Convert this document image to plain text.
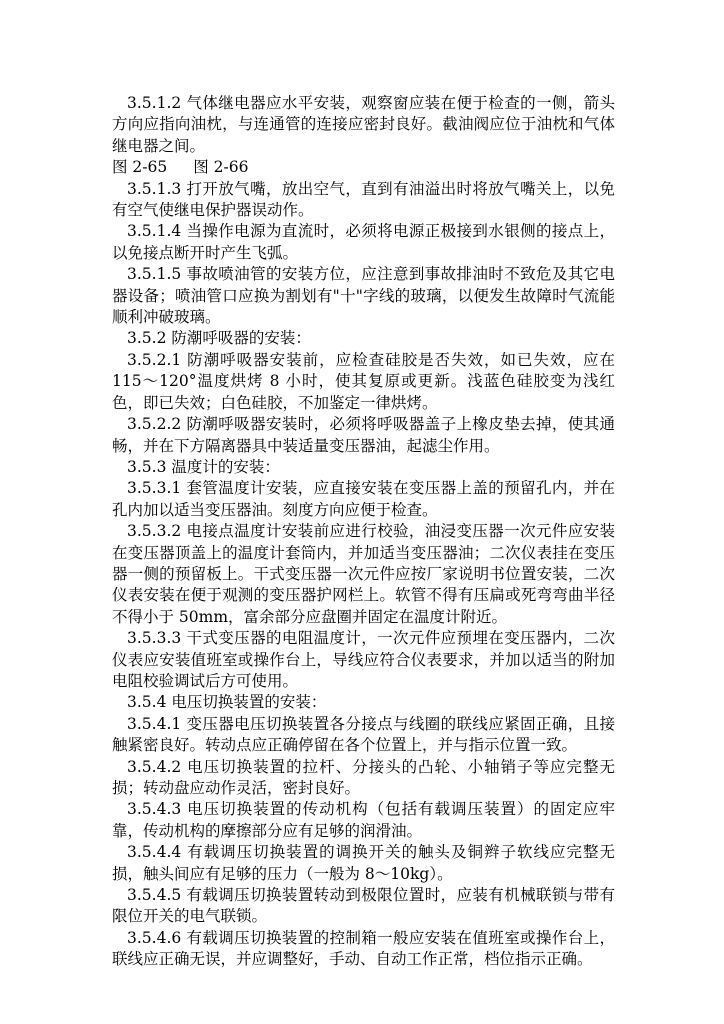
3.5.1.2 气体继电器应水平安装，观察窗应装在便于检查的一侧，箭头方向应指向油枕，与连通管的连接应密封良好。截油阀应位于油枕和气体继电器之间。

图 2-65 图 2-66

3.5.1.3 打开放气嘴，放出空气，直到有油溢出时将放气嘴关上，以免有空气使继电保护器误动作。

3.5.1.4 当操作电源为直流时，必须将电源正极接到水银侧的接点上，以免接点断开时产生飞弧。

3.5.1.5 事故喷油管的安装方位，应注意到事故排油时不致危及其它电器设备；喷油管口应换为割划有"十"字线的玻璃，以便发生故障时气流能顺利冲破玻璃。

3.5.2 防潮呼吸器的安装：

3.5.2.1 防潮呼吸器安装前，应检查硅胶是否失效，如已失效，应在 115～120°温度烘烤 8 小时，使其复原或更新。浅蓝色硅胶变为浅红色，即已失效；白色硅胶，不加鉴定一律烘烤。

3.5.2.2 防潮呼吸器安装时，必须将呼吸器盖子上橡皮垫去掉，使其通畅，并在下方隔离器具中装适量变压器油，起滤尘作用。

3.5.3 温度计的安装：

3.5.3.1 套管温度计安装，应直接安装在变压器上盖的预留孔内，并在孔内加以适当变压器油。刻度方向应便于检查。

3.5.3.2 电接点温度计安装前应进行校验，油浸变压器一次元件应安装在变压器顶盖上的温度计套筒内，并加适当变压器油；二次仪表挂在变压器一侧的预留板上。干式变压器一次元件应按厂家说明书位置安装，二次仪表安装在便于观测的变压器护网栏上。软管不得有压扁或死弯弯曲半径不得小于 50mm，富余部分应盘圈并固定在温度计附近。

3.5.3.3 干式变压器的电阻温度计，一次元件应预埋在变压器内，二次仪表应安装值班室或操作台上，导线应符合仪表要求，并加以适当的附加电阻校验调试后方可使用。

3.5.4 电压切换装置的安装：

3.5.4.1 变压器电压切换装置各分接点与线圈的联线应紧固正确，且接触紧密良好。转动点应正确停留在各个位置上，并与指示位置一致。

3.5.4.2 电压切换装置的拉杆、分接头的凸轮、小轴销子等应完整无损；转动盘应动作灵活，密封良好。

3.5.4.3 电压切换装置的传动机构（包括有载调压装置）的固定应牢靠，传动机构的摩擦部分应有足够的润滑油。

3.5.4.4 有载调压切换装置的调换开关的触头及铜辫子软线应完整无损，触头间应有足够的压力（一般为 8～10kg）。

3.5.4.5 有载调压切换装置转动到极限位置时，应装有机械联锁与带有限位开关的电气联锁。

3.5.4.6 有载调压切换装置的控制箱一般应安装在值班室或操作台上，联线应正确无误，并应调整好，手动、自动工作正常，档位指示正确。
